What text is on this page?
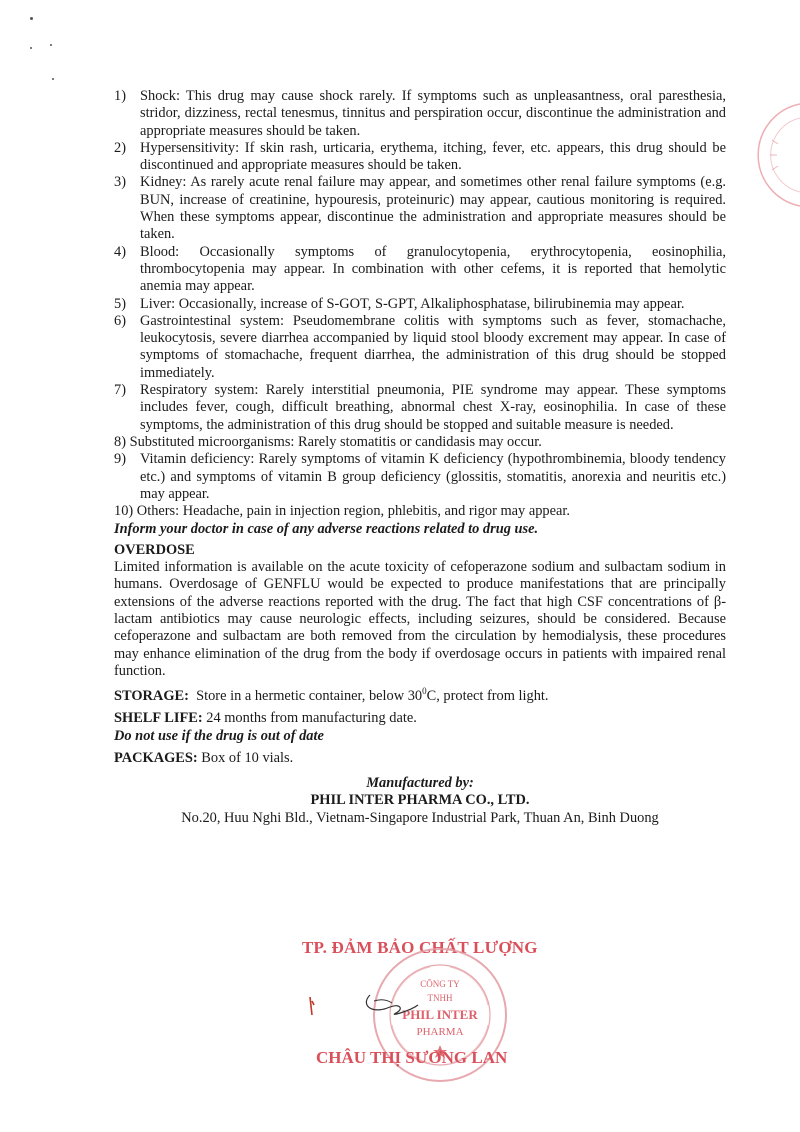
1) Shock: This drug may cause shock rarely. If symptoms such as unpleasantness, oral paresthesia, stridor, dizziness, rectal tenesmus, tinnitus and perspiration occur, discontinue the administration and appropriate measures should be taken.

2) Hypersensitivity: If skin rash, urticaria, erythema, itching, fever, etc. appears, this drug should be discontinued and appropriate measures should be taken.

3) Kidney: As rarely acute renal failure may appear, and sometimes other renal failure symptoms (e.g. BUN, increase of creatinine, hypouresis, proteinuric) may appear, cautious monitoring is required. When these symptoms appear, discontinue the administration and appropriate measures should be taken.

4) Blood: Occasionally symptoms of granulocytopenia, erythrocytopenia, eosinophilia, thrombocytopenia may appear. In combination with other cefems, it is reported that hemolytic anemia may appear.

5) Liver: Occasionally, increase of S-GOT, S-GPT, Alkaliphosphatase, bilirubinemia may appear.

6) Gastrointestinal system: Pseudomembrane colitis with symptoms such as fever, stomachache, leukocytosis, severe diarrhea accompanied by liquid stool bloody excrement may appear. In case of symptoms of stomachache, frequent diarrhea, the administration of this drug should be stopped immediately.

7) Respiratory system: Rarely interstitial pneumonia, PIE syndrome may appear. These symptoms includes fever, cough, difficult breathing, abnormal chest X-ray, eosinophilia. In case of these symptoms, the administration of this drug should be stopped and suitable measure is needed.

8) Substituted microorganisms: Rarely stomatitis or candidasis may occur.

9) Vitamin deficiency: Rarely symptoms of vitamin K deficiency (hypothrombinemia, bloody tendency etc.) and symptoms of vitamin B group deficiency (glossitis, stomatitis, anorexia and neuritis etc.) may appear.

10) Others: Headache, pain in injection region, phlebitis, and rigor may appear.

Inform your doctor in case of any adverse reactions related to drug use.
OVERDOSE
Limited information is available on the acute toxicity of cefoperazone sodium and sulbactam sodium in humans. Overdosage of GENFLU would be expected to produce manifestations that are principally extensions of the adverse reactions reported with the drug. The fact that high CSF concentrations of β-lactam antibiotics may cause neurologic effects, including seizures, should be considered. Because cefoperazone and sulbactam are both removed from the circulation by hemodialysis, these procedures may enhance elimination of the drug from the body if overdosage occurs in patients with impaired renal function.
STORAGE: Store in a hermetic container, below $30^0C$, protect from light.
SHELF LIFE: 24 months from manufacturing date.
Do not use if the drug is out of date
PACKAGES: Box of 10 vials.
Manufactured by:
PHIL INTER PHARMA CO., LTD.
No.20, Huu Nghi Bld., Vietnam-Singapore Industrial Park, Thuan An, Binh Duong
TP. ĐẢM BẢO CHẤT LƯỢNG
CÔNG TY
TNHH
PHIL INTER
PHARMA
CHÂU THỊ SƯƠNG LAN
